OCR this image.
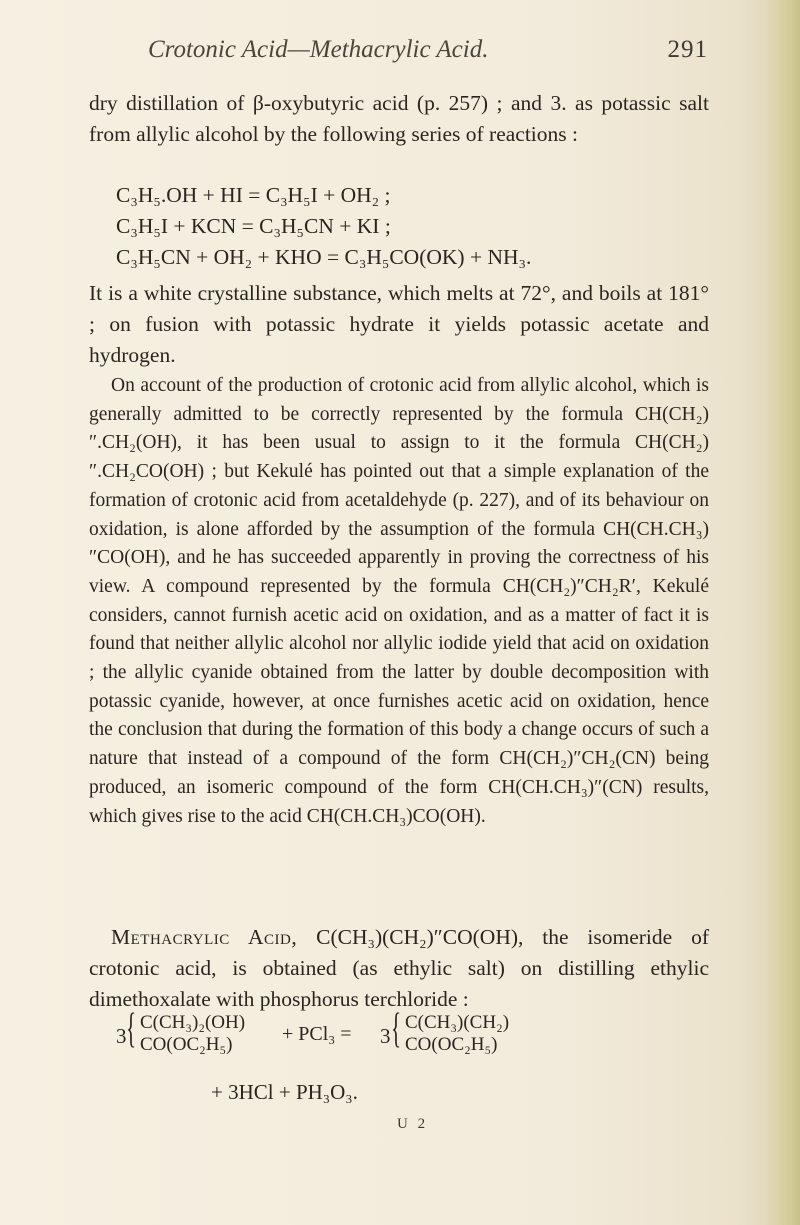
Crotonic Acid—Methacrylic Acid.	291

dry distillation of β-oxybutyric acid (p. 257) ; and 3. as potassic salt from allylic alcohol by the following series of reactions :

C₃H₅.OH + HI = C₃H₅I + OH₂ ;
C₃H₅I + KCN = C₃H₅CN + KI ;
C₃H₅CN + OH₂ + KHO = C₃H₅CO(OK) + NH₃.

It is a white crystalline substance, which melts at 72°, and boils at 181° ; on fusion with potassic hydrate it yields potassic acetate and hydrogen.

On account of the production of crotonic acid from allylic alcohol, which is generally admitted to be correctly represented by the formula CH(CH₂)″.CH₂(OH), it has been usual to assign to it the formula CH(CH₂)″.CH₂CO(OH) ; but Kekulé has pointed out that a simple explanation of the formation of crotonic acid from acetaldehyde (p. 227), and of its behaviour on oxidation, is alone afforded by the assumption of the formula CH(CH.CH₃)″CO(OH), and he has succeeded apparently in proving the correctness of his view. A compound represented by the formula CH(CH₂)″CH₂R′, Kekulé considers, cannot furnish acetic acid on oxidation, and as a matter of fact it is found that neither allylic alcohol nor allylic iodide yield that acid on oxidation ; the allylic cyanide obtained from the latter by double decomposition with potassic cyanide, however, at once furnishes acetic acid on oxidation, hence the conclusion that during the formation of this body a change occurs of such a nature that instead of a compound of the form CH(CH₂)″CH₂(CN) being produced, an isomeric compound of the form CH(CH.CH₃)″(CN) results, which gives rise to the acid CH(CH.CH₃)CO(OH).

Methacrylic Acid, C(CH₃)(CH₂)″CO(OH), the isomeride of crotonic acid, is obtained (as ethylic salt) on distilling ethylic dimethoxalate with phosphorus terchloride :

3 { C(CH₃)₂(OH)
CO(OC₂H₅) + PCl₃ = 3 { C(CH₃)(CH₂)
CO(OC₂H₅)
+ 3HCl + PH₃O₃.
U 2
